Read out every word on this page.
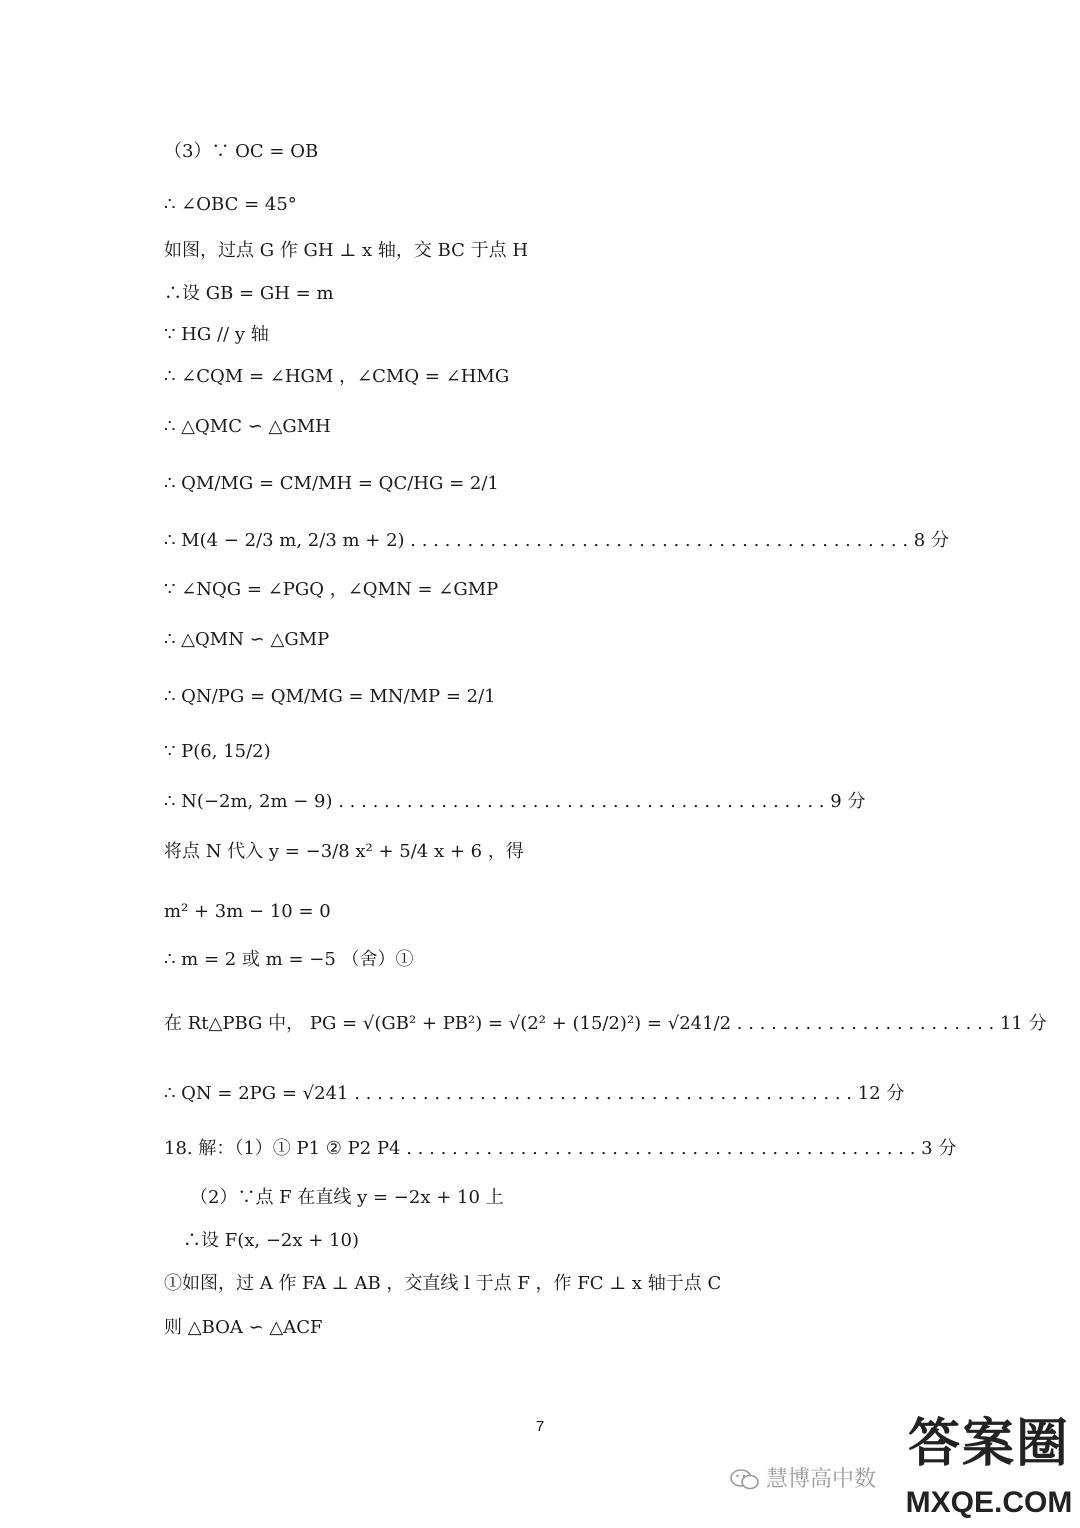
（3）∵ OC = OB
∴ ∠OBC = 45°
如图，过点 G 作 GH ⊥ x 轴，交 BC 于点 H
∴设 GB = GH = m
∵ HG // y 轴
∴ ∠CQM = ∠HGM ，∠CMQ = ∠HMG
∴ △QMC ∽ △GMH
∴ QM/MG = CM/MH = QC/HG = 2/1
∴ M(4 − 2/3 m, 2/3 m + 2) . . . . . . . . . . . . . . . . . . . . . . . . . . . . . . . . . . . . . . . . . . . . 8 分
∵ ∠NQG = ∠PGQ ，∠QMN = ∠GMP
∴ △QMN ∽ △GMP
∴ QN/PG = QM/MG = MN/MP = 2/1
∵ P(6, 15/2)
∴ N(−2m, 2m − 9) . . . . . . . . . . . . . . . . . . . . . . . . . . . . . . . . . . . . . . . . . . . 9 分
将点 N 代入 y = −3/8 x² + 5/4 x + 6 ，得
m² + 3m − 10 = 0
∴ m = 2 或 m = −5 （舍）①
在 Rt△PBG 中， PG = √(GB² + PB²) = √(2² + (15/2)²) = √241/2 . . . . . . . . . . . . . . . . . . . . . . . 11 分
∴ QN = 2PG = √241 . . . . . . . . . . . . . . . . . . . . . . . . . . . . . . . . . . . . . . . . . . . . 12 分
18. 解：（1）① P1 ② P2 P4 . . . . . . . . . . . . . . . . . . . . . . . . . . . . . . . . . . . . . . . . . . . . . 3 分
（2）∵点 F 在直线 y = −2x + 10 上
∴设 F(x, −2x + 10)
①如图，过 A 作 FA ⊥ AB ，交直线 l 于点 F ，作 FC ⊥ x 轴于点 C
则 △BOA ∽ △ACF
7
慧博高中数
答案圈
MXQE.COM
